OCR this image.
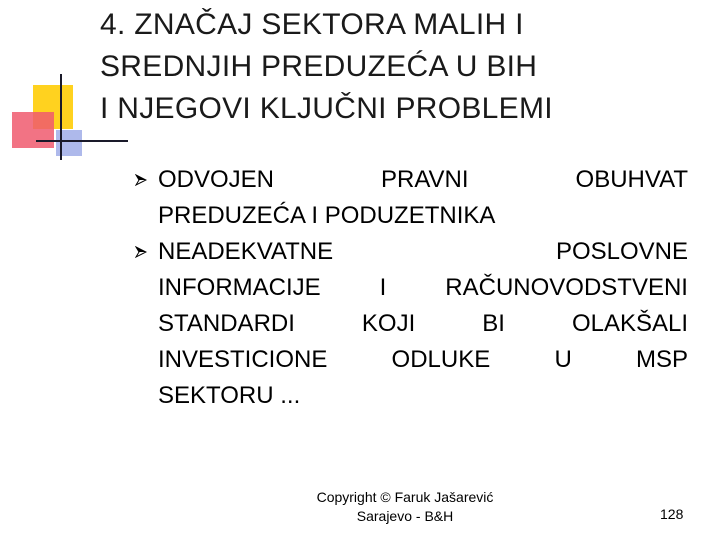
4. ZNAČAJ SEKTORA MALIH I
SREDNJIH PREDUZEĆA U BIH
I NJEGOVI KLJUČNI PROBLEMI
ODVOJEN	PRAVNI	OBUHVAT
PREDUZEĆA I PODUZETNIKA
NEADEKVATNE	POSLOVNE
INFORMACIJE I RAČUNOVODSTVENI
STANDARDI	KOJI	BI	OLAKŠALI
INVESTICIONE	ODLUKE	U	MSP
SEKTORU ...
Copyright © Faruk Jašarević
Sarajevo - B&H	128
